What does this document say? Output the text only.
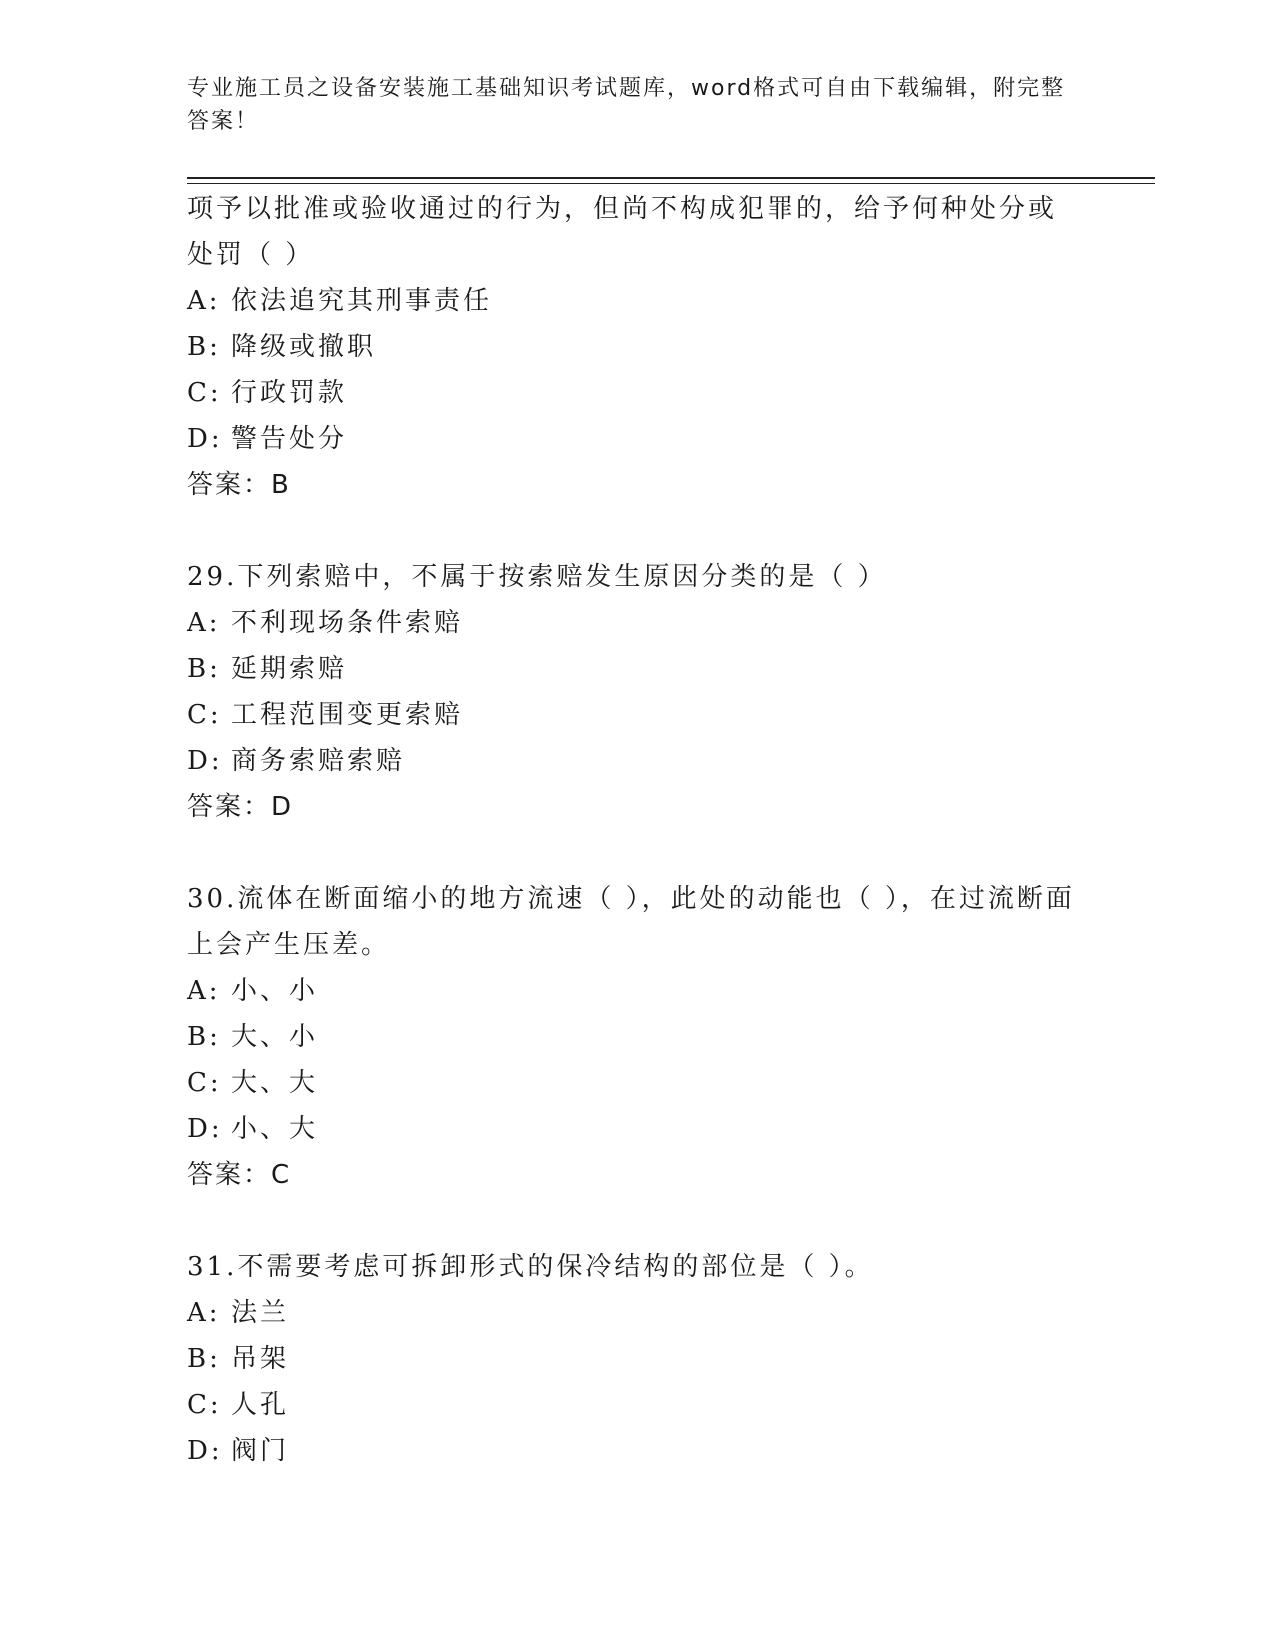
专业施工员之设备安装施工基础知识考试题库，word格式可自由下载编辑，附完整答案！
项予以批准或验收通过的行为，但尚不构成犯罪的，给予何种处分或处罚（ ）
A: 依法追究其刑事责任
B: 降级或撤职
C: 行政罚款
D: 警告处分
答案：B
29.下列索赔中，不属于按索赔发生原因分类的是（ ）
A: 不利现场条件索赔
B: 延期索赔
C: 工程范围变更索赔
D: 商务索赔索赔
答案：D
30.流体在断面缩小的地方流速（ ），此处的动能也（ ），在过流断面上会产生压差。
A: 小、小
B: 大、小
C: 大、大
D: 小、大
答案：C
31.不需要考虑可拆卸形式的保冷结构的部位是（ ）。
A: 法兰
B: 吊架
C: 人孔
D: 阀门
